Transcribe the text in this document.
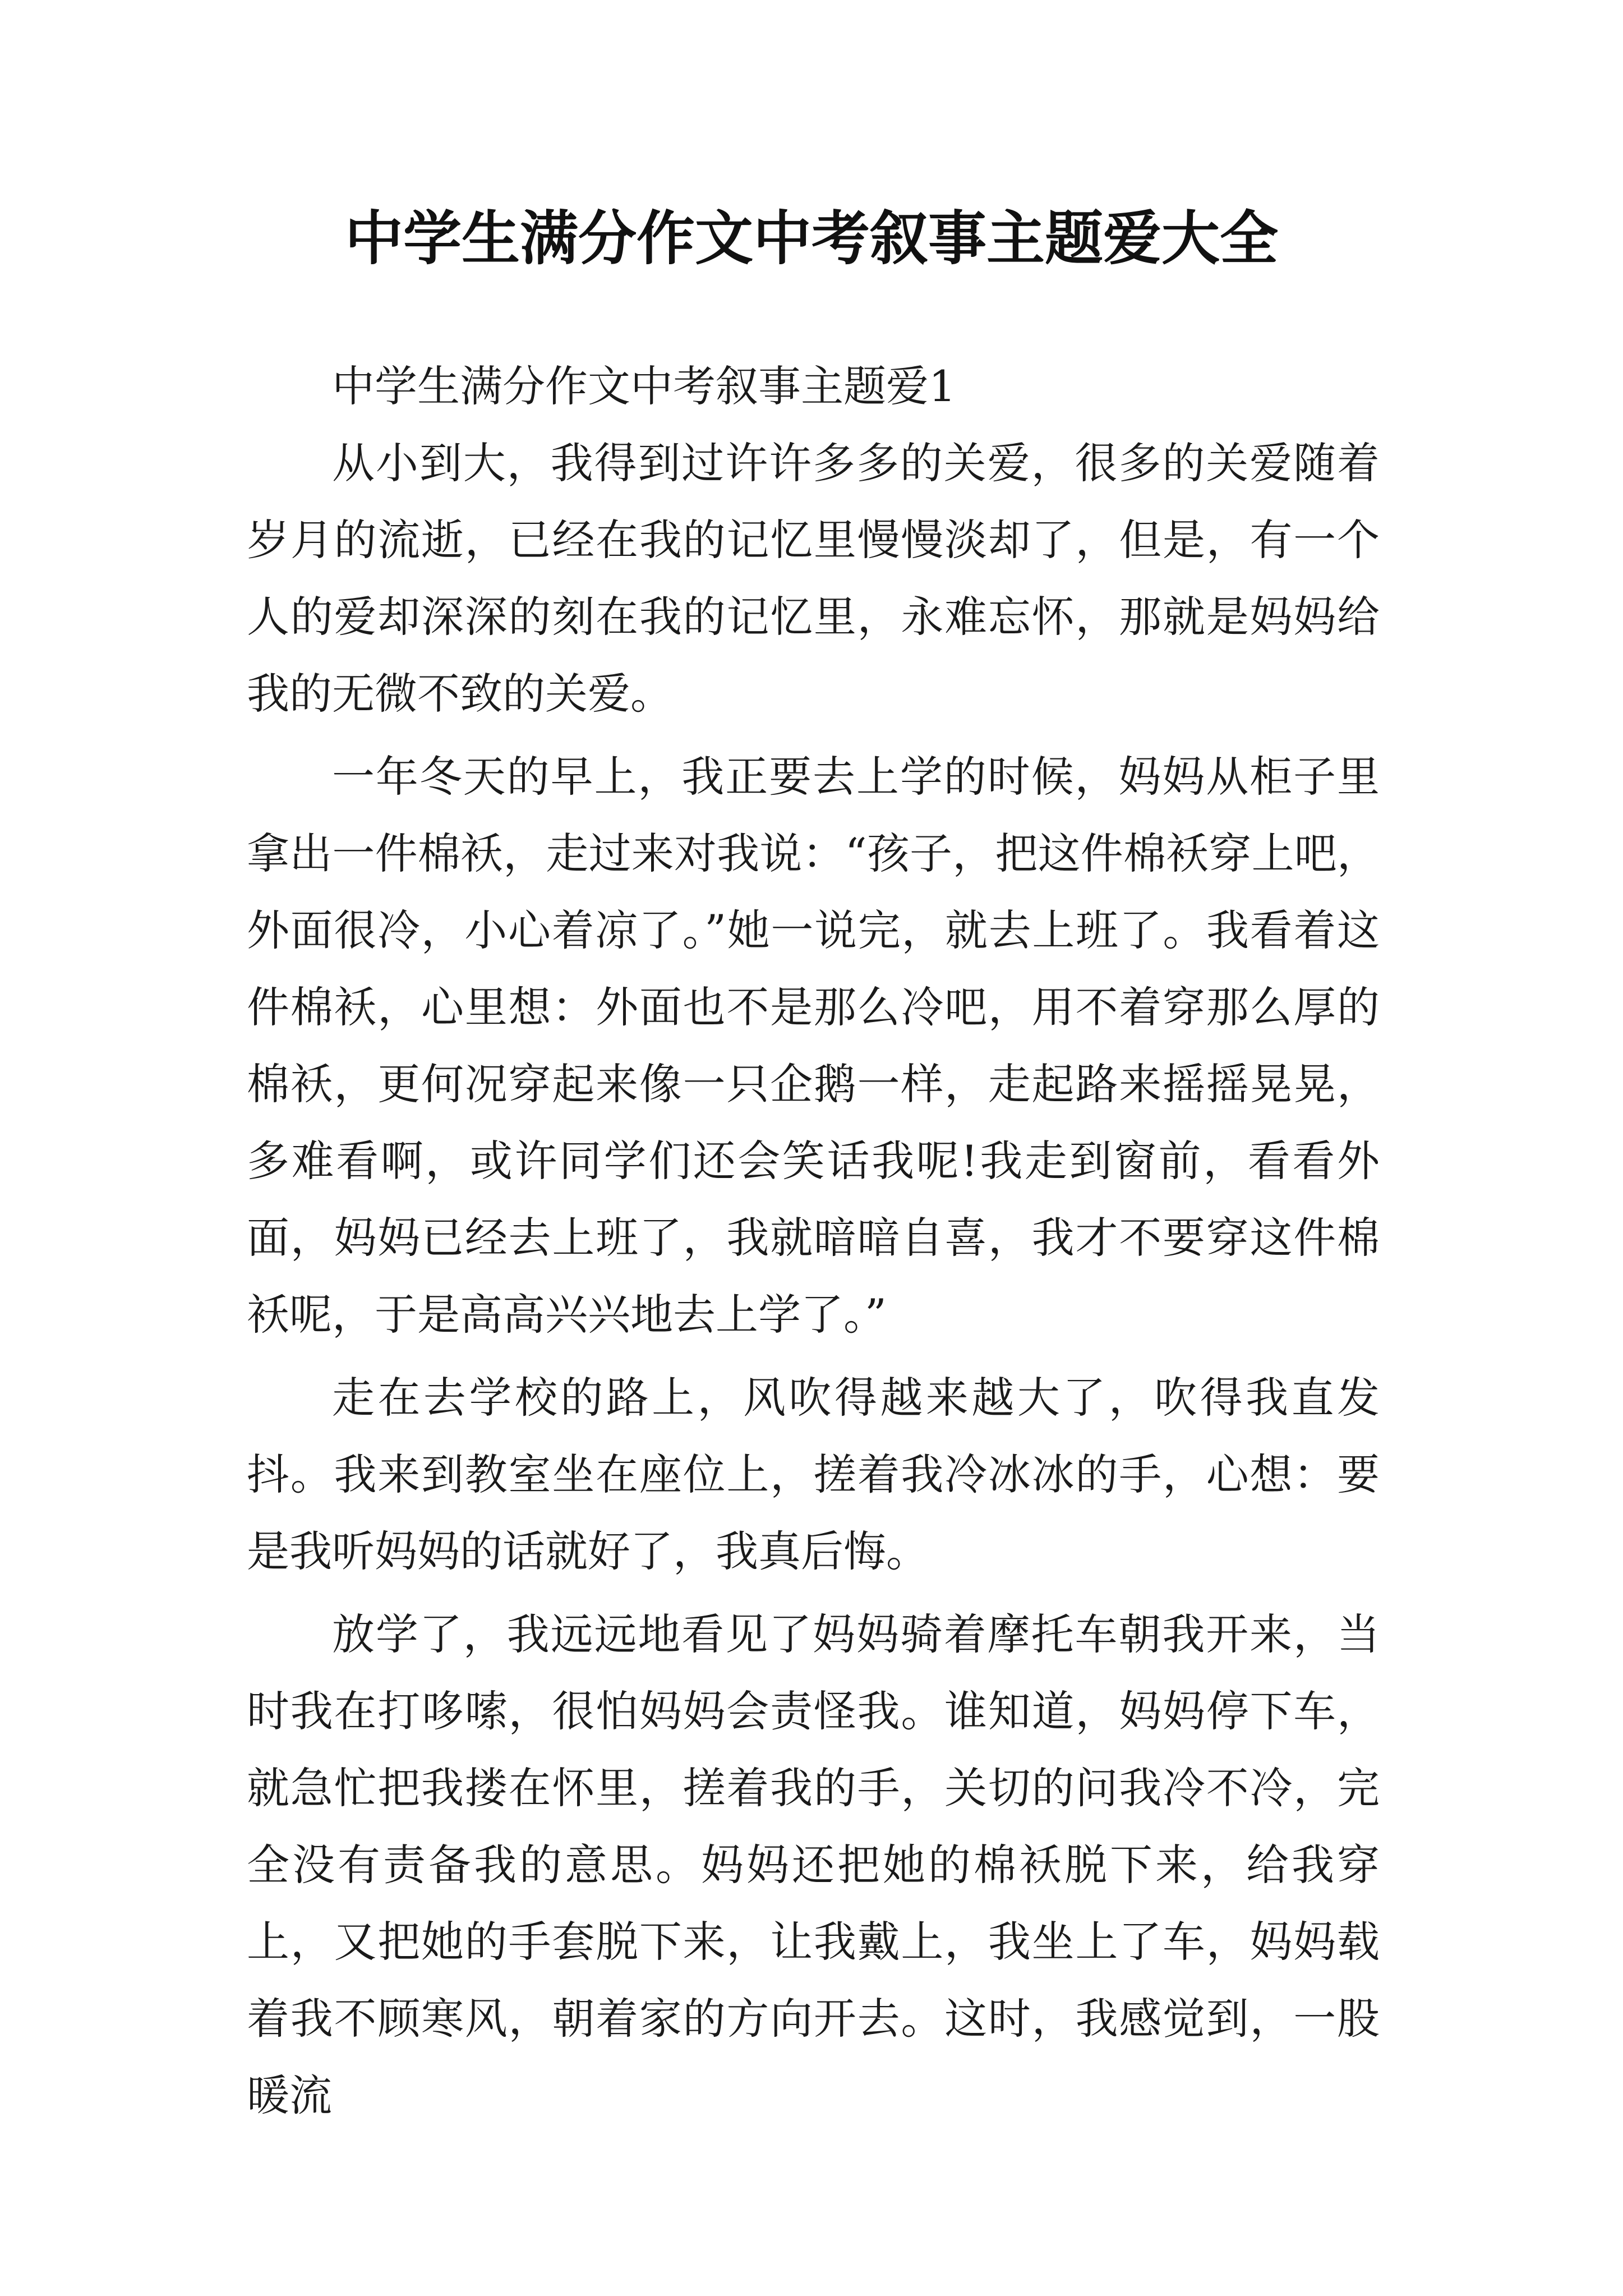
中学生满分作文中考叙事主题爱大全

中学生满分作文中考叙事主题爱1

从小到大，我得到过许许多多的关爱，很多的关爱随着岁月的流逝，已经在我的记忆里慢慢淡却了，但是，有一个人的爱却深深的刻在我的记忆里，永难忘怀，那就是妈妈给我的无微不致的关爱。

一年冬天的早上，我正要去上学的时候，妈妈从柜子里拿出一件棉袄，走过来对我说：“孩子，把这件棉袄穿上吧，外面很冷，小心着凉了。”她一说完，就去上班了。我看着这件棉袄，心里想：外面也不是那么冷吧，用不着穿那么厚的棉袄，更何况穿起来像一只企鹅一样，走起路来摇摇晃晃，多难看啊，或许同学们还会笑话我呢!我走到窗前，看看外面，妈妈已经去上班了，我就暗暗自喜，我才不要穿这件棉袄呢，于是高高兴兴地去上学了。”

走在去学校的路上，风吹得越来越大了，吹得我直发抖。我来到教室坐在座位上，搓着我冷冰冰的手，心想：要是我听妈妈的话就好了，我真后悔。

放学了，我远远地看见了妈妈骑着摩托车朝我开来，当时我在打哆嗦，很怕妈妈会责怪我。谁知道，妈妈停下车，就急忙把我搂在怀里，搓着我的手，关切的问我冷不冷，完全没有责备我的意思。妈妈还把她的棉袄脱下来，给我穿上，又把她的手套脱下来，让我戴上，我坐上了车，妈妈载着我不顾寒风，朝着家的方向开去。这时，我感觉到，一股暖流
